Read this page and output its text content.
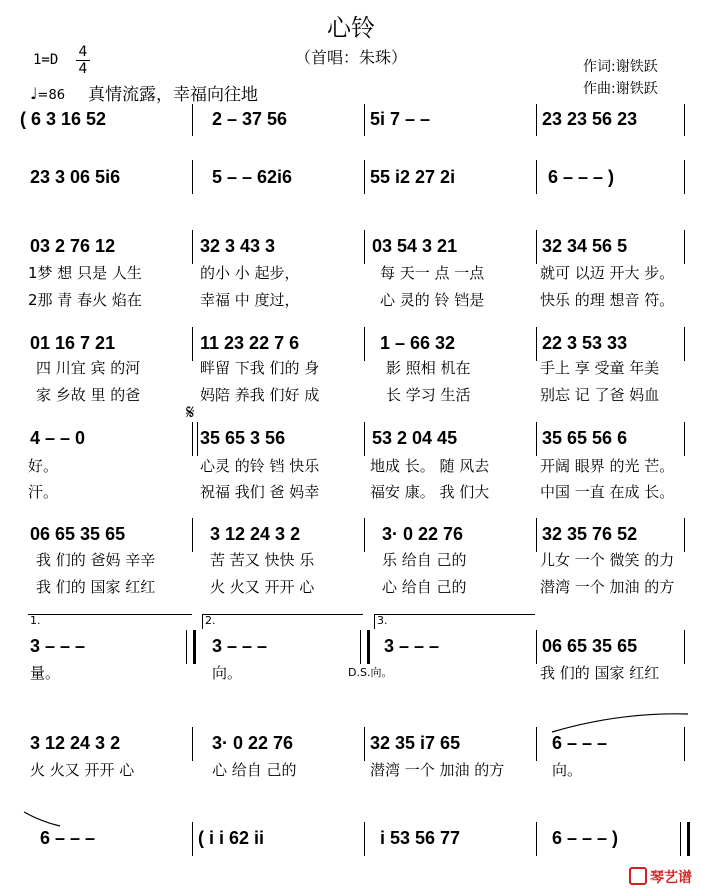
心铃
（首唱：朱珠）
1=D 4
4
♩=86 真情流露，幸福向往地
作词:谢铁跃
作曲:谢铁跃
( 6 3 16 52	2 – 37 56	5i 7 – –	23 23 56 23
23 3 06 5i6	5 – – 62i6	55 i2 27 2i	6 – – – )
03 2 76 12	32 3 43 3	03 54 3 21	32 34 56 5
1梦 想 只是 人生	的小 小 起步，	每 天一 点 一点	就可 以迈 开大 步。
2那 青 春火 焰在	幸福 中 度过，	心 灵的 铃 铛是	快乐 的理 想音 符。
01 16 7 21	11 23 22 7 6	1 – 66 32	22 3 53 33
四 川宜 宾 的河	畔留 下我 们的 身	影 照相 机在	手上 享 受童 年美
家 乡故 里 的爸	妈陪 养我 们好 成	长 学习 生活	别忘 记 了爸 妈血
𝄋
4 – – 0	35 65 3 56	53 2 04 45	35 65 56 6
好。	心灵 的铃 铛 快乐	地成 长。 随 风去	开阔 眼界 的光 芒。
汗。	祝福 我们 爸 妈幸	福安 康。 我 们大	中国 一直 在成 长。
06 65 35 65	3 12 24 3 2	3· 0 22 76	32 35 76 52
我 们的 爸妈 辛辛	苦 苦又 快快 乐	乐 给自 己的	儿女 一个 微笑 的力
我 们的 国家 红红	火 火又 开开 心	心 给自 己的	潜湾 一个 加油 的方
1.	2.	3.
3 – – –	3 – – –	3 – – –	06 65 35 65
量。	向。	D.S.向。	我 们的 国家 红红
3 12 24 3 2	3· 0 22 76	32 35 i7 65	6 – – –
火 火又 开开 心	心 给自 己的	潜湾 一个 加油 的方	向。
6 – – –	( i i 62 ii	i 53 56 77	6 – – – )
琴艺谱
